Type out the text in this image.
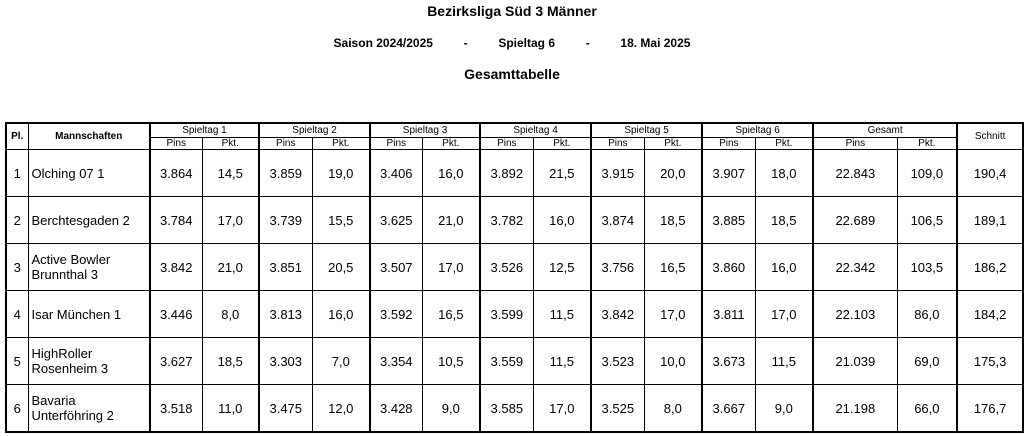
Bezirksliga Süd 3 Männer
Saison 2024/2025	-	Spieltag 6	-	18. Mai 2025
Gesamttabelle
Pl.	Mannschaften	Spieltag 1		Spieltag 2		Spieltag 3		Spieltag 4		Spieltag 5		Spieltag 6		Gesamt		Schnitt
		Pins	Pkt.	Pins	Pkt.	Pins	Pkt.	Pins	Pkt.	Pins	Pkt.	Pins	Pkt.	Pins	Pkt.	
1	Olching 07 1	3.864	14,5	3.859	19,0	3.406	16,0	3.892	21,5	3.915	20,0	3.907	18,0	22.843	109,0	190,4
2	Berchtesgaden 2	3.784	17,0	3.739	15,5	3.625	21,0	3.782	16,0	3.874	18,5	3.885	18,5	22.689	106,5	189,1
3	Active Bowler Brunnthal 3	3.842	21,0	3.851	20,5	3.507	17,0	3.526	12,5	3.756	16,5	3.860	16,0	22.342	103,5	186,2
4	Isar München 1	3.446	8,0	3.813	16,0	3.592	16,5	3.599	11,5	3.842	17,0	3.811	17,0	22.103	86,0	184,2
5	HighRoller Rosenheim 3	3.627	18,5	3.303	7,0	3.354	10,5	3.559	11,5	3.523	10,0	3.673	11,5	21.039	69,0	175,3
6	Bavaria Unterföhring 2	3.518	11,0	3.475	12,0	3.428	9,0	3.585	17,0	3.525	8,0	3.667	9,0	21.198	66,0	176,7
